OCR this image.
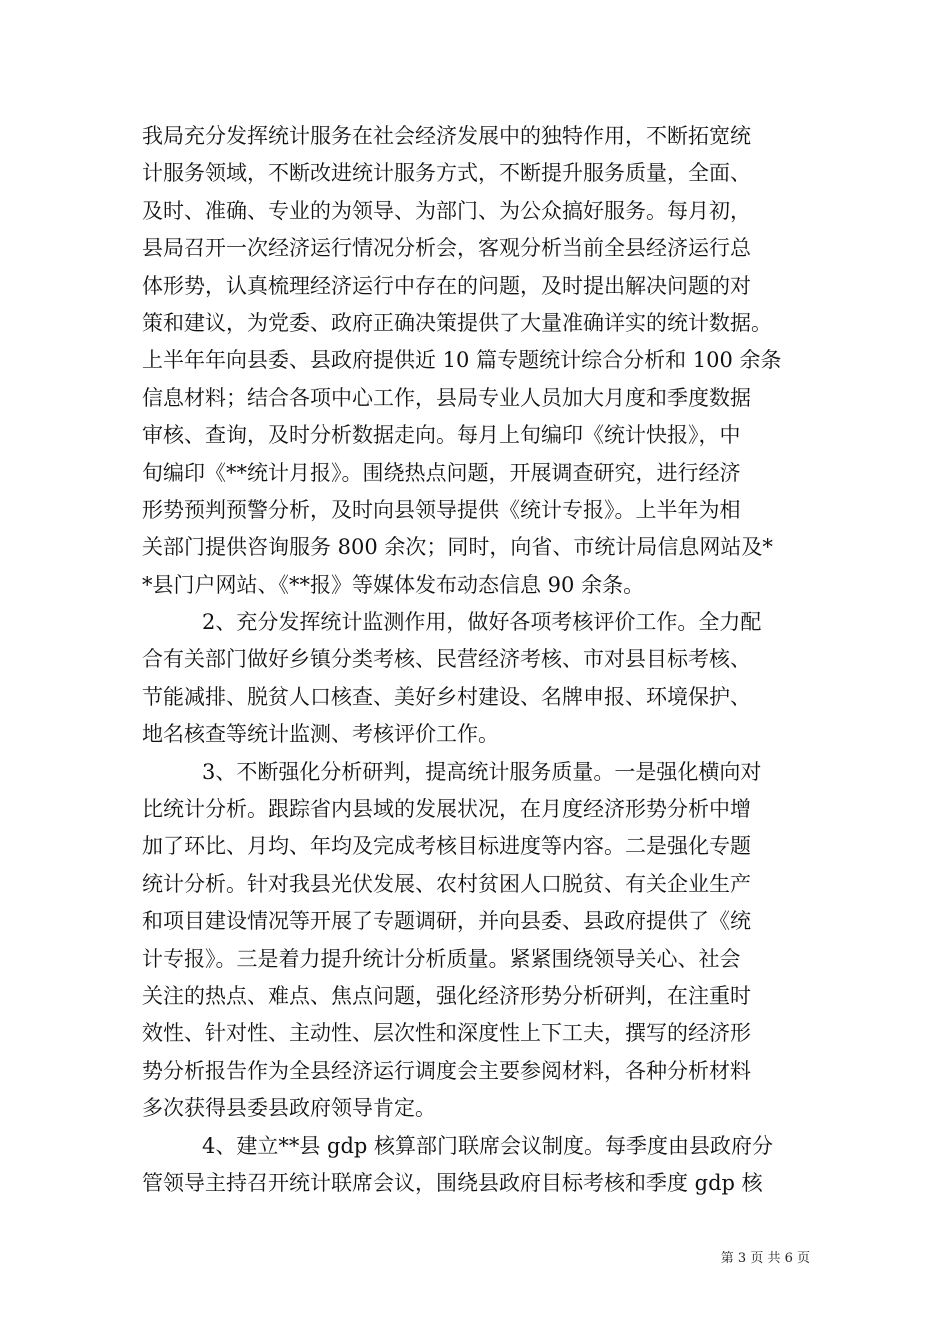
我局充分发挥统计服务在社会经济发展中的独特作用，不断拓宽统
计服务领域，不断改进统计服务方式，不断提升服务质量，全面、
及时、准确、专业的为领导、为部门、为公众搞好服务。每月初，
县局召开一次经济运行情况分析会，客观分析当前全县经济运行总
体形势，认真梳理经济运行中存在的问题，及时提出解决问题的对
策和建议，为党委、政府正确决策提供了大量准确详实的统计数据。
上半年年向县委、县政府提供近 10 篇专题统计综合分析和 100 余条
信息材料；结合各项中心工作，县局专业人员加大月度和季度数据
审核、查询，及时分析数据走向。每月上旬编印《统计快报》，中
旬编印《**统计月报》。围绕热点问题，开展调查研究，进行经济
形势预判预警分析，及时向县领导提供《统计专报》。上半年为相
关部门提供咨询服务 800 余次；同时，向省、市统计局信息网站及*
*县门户网站、《**报》等媒体发布动态信息 90 余条。
2、充分发挥统计监测作用，做好各项考核评价工作。全力配
合有关部门做好乡镇分类考核、民营经济考核、市对县目标考核、
节能减排、脱贫人口核查、美好乡村建设、名牌申报、环境保护、
地名核查等统计监测、考核评价工作。
3、不断强化分析研判，提高统计服务质量。一是强化横向对
比统计分析。跟踪省内县域的发展状况，在月度经济形势分析中增
加了环比、月均、年均及完成考核目标进度等内容。二是强化专题
统计分析。针对我县光伏发展、农村贫困人口脱贫、有关企业生产
和项目建设情况等开展了专题调研，并向县委、县政府提供了《统
计专报》。三是着力提升统计分析质量。紧紧围绕领导关心、社会
关注的热点、难点、焦点问题，强化经济形势分析研判，在注重时
效性、针对性、主动性、层次性和深度性上下工夫，撰写的经济形
势分析报告作为全县经济运行调度会主要参阅材料，各种分析材料
多次获得县委县政府领导肯定。
4、建立**县 gdp 核算部门联席会议制度。每季度由县政府分
管领导主持召开统计联席会议，围绕县政府目标考核和季度 gdp 核
第 3 页 共 6 页
